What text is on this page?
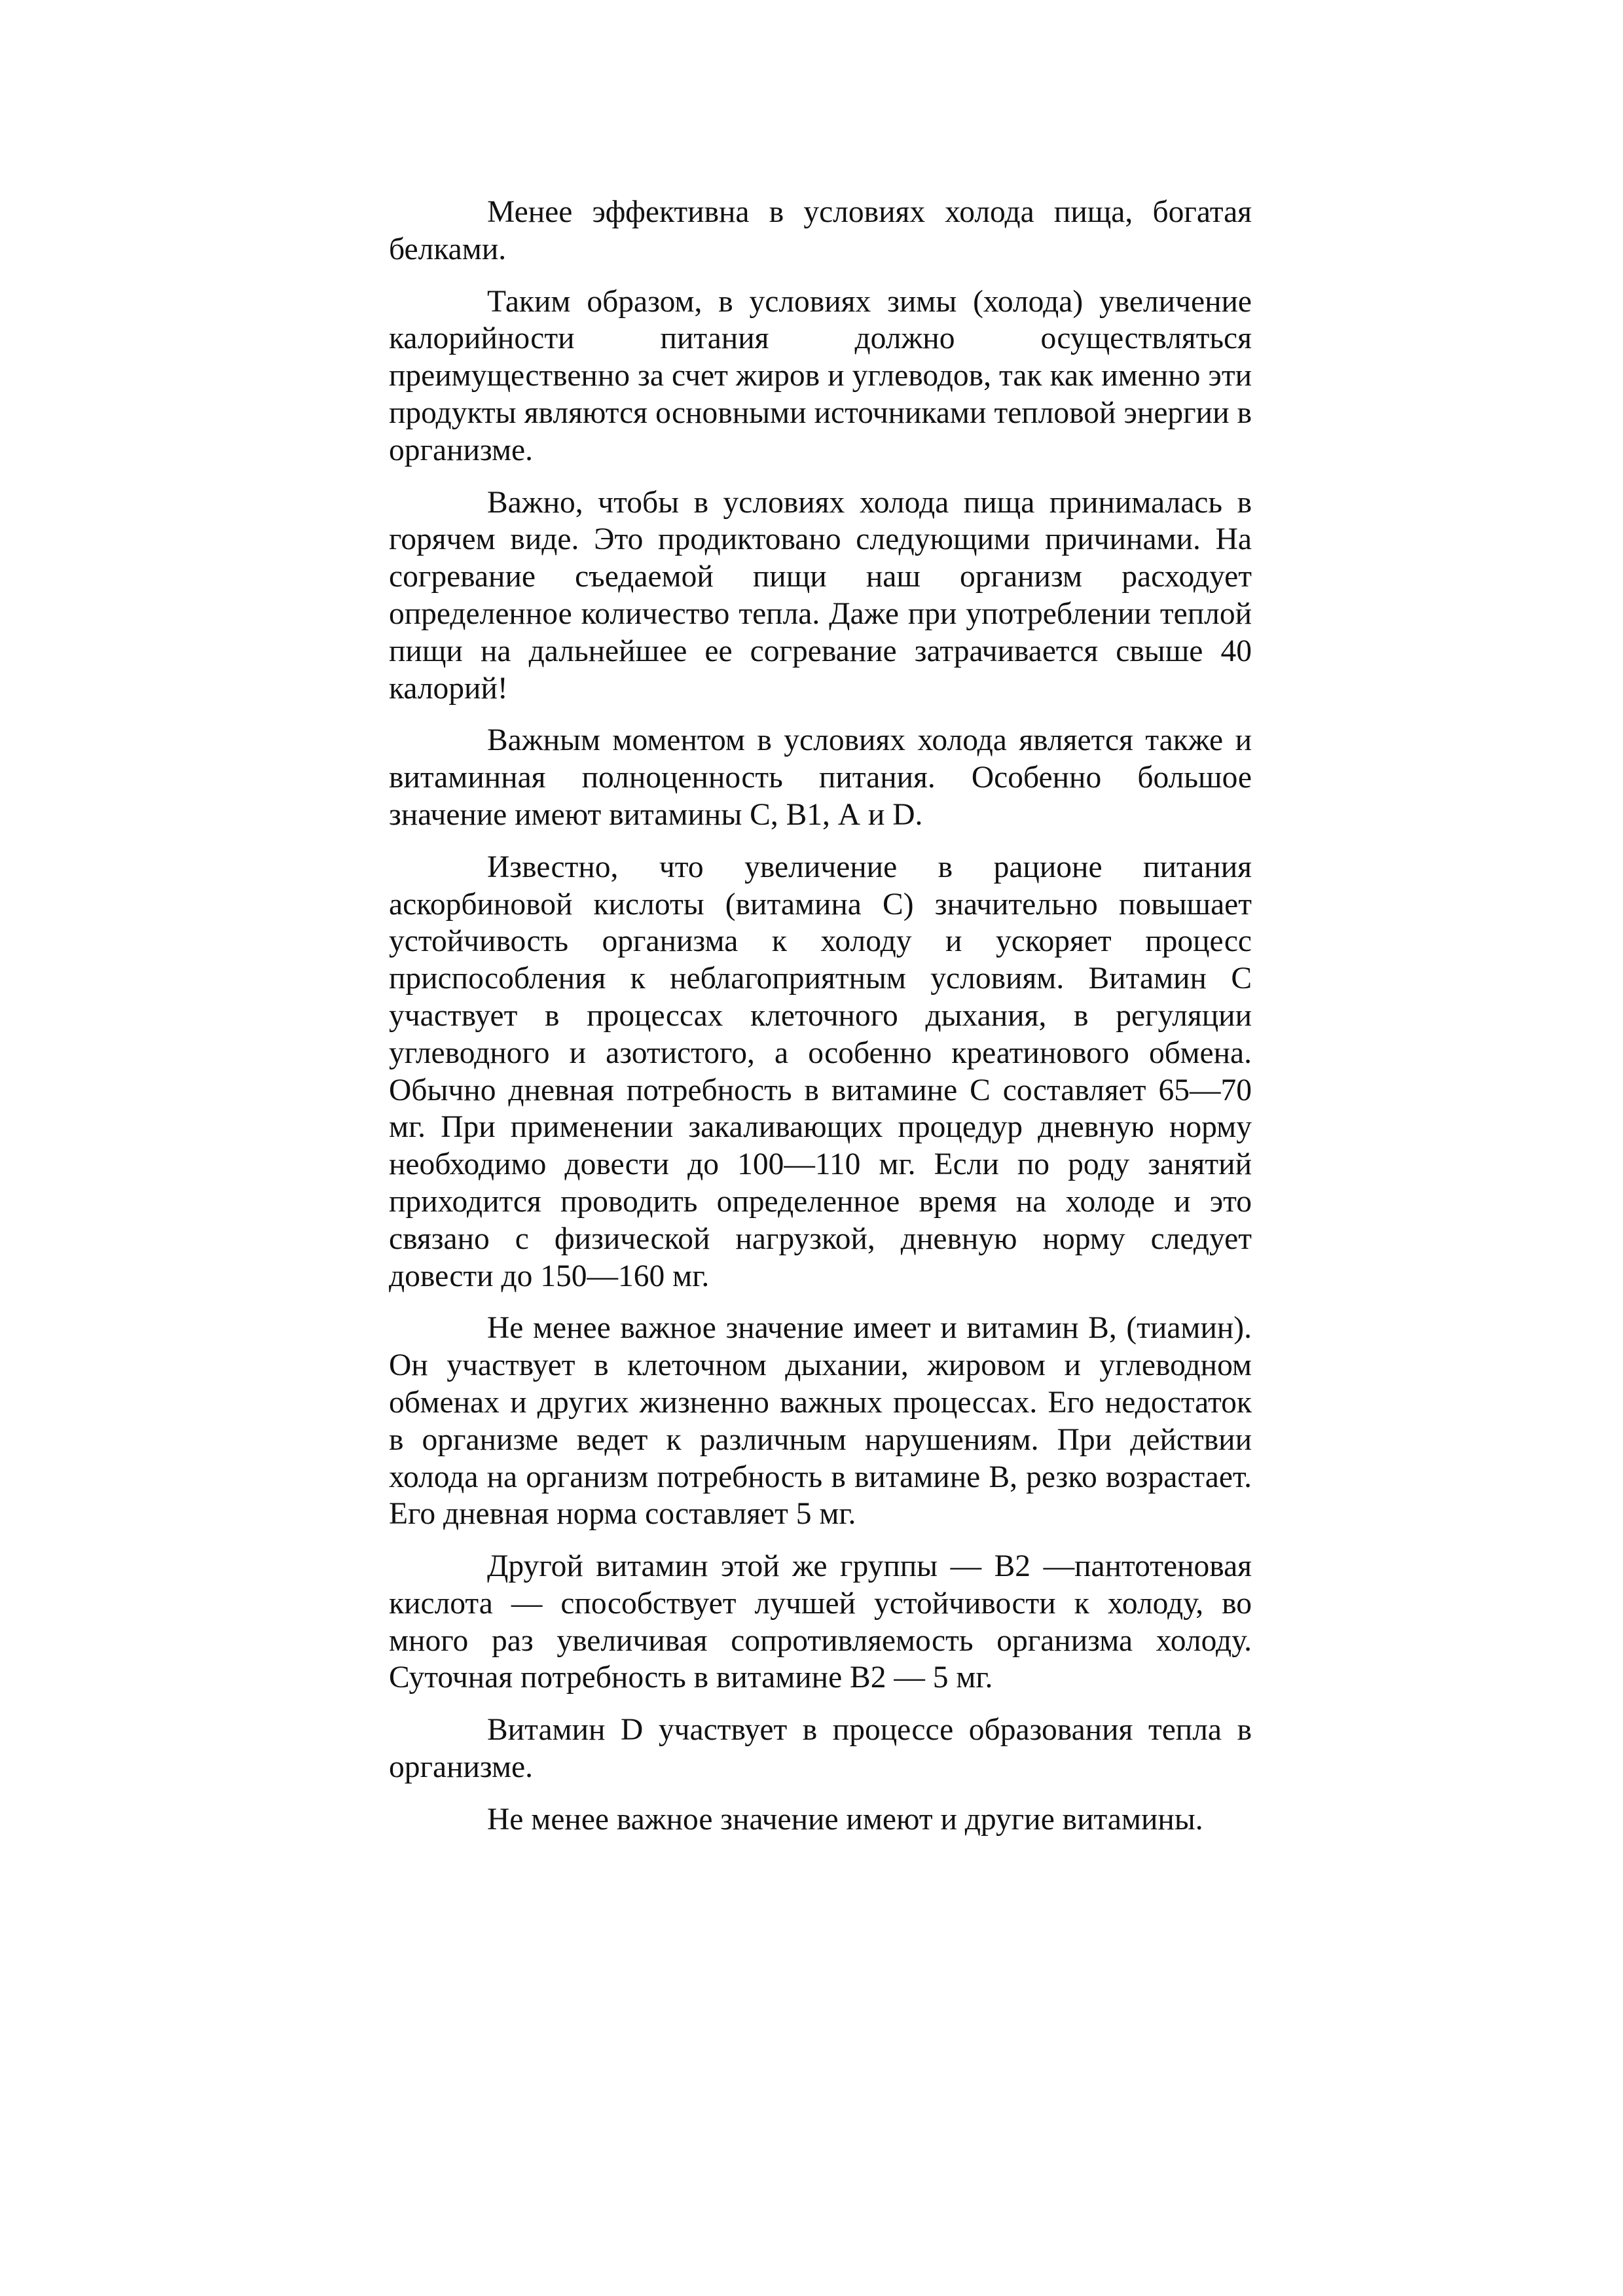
Менее эффективна в условиях холода пища, богатая белками.

Таким образом, в условиях зимы (холода) увеличение калорийности питания должно осуществляться преимущественно за счет жиров и углеводов, так как именно эти продукты являются основными источниками тепловой энергии в организме.

Важно, чтобы в условиях холода пища принималась в горячем виде. Это продиктовано следующими причинами. На согревание съедаемой пищи наш организм расходует определенное количество тепла. Даже при употреблении теплой пищи на дальнейшее ее согревание затрачивается свыше 40 калорий!

Важным моментом в условиях холода является также и витаминная полноценность питания. Особенно большое значение имеют витамины С, В1, А и D.

Известно, что увеличение в рационе питания аскорбиновой кислоты (витамина С) значительно повышает устойчивость организма к холоду и ускоряет процесс приспособления к неблагоприятным условиям. Витамин С участвует в процессах клеточного дыхания, в регуляции углеводного и азотистого, а особенно креатинового обмена. Обычно дневная потребность в витамине С составляет 65—70 мг. При применении закаливающих процедур дневную норму необходимо довести до 100—110 мг. Если по роду занятий приходится проводить определенное время на холоде и это связано с физической нагрузкой, дневную норму следует довести до 150—160 мг.

Не менее важное значение имеет и витамин В, (тиамин). Он участвует в клеточном дыхании, жировом и углеводном обменах и других жизненно важных процессах. Его недостаток в организме ведет к различным нарушениям. При действии холода на организм потребность в витамине В, резко возрастает. Его дневная норма составляет 5 мг.

Другой витамин этой же группы — В2 —пантотеновая кислота — способствует лучшей устойчивости к холоду, во много раз увеличивая сопротивляемость организма холоду. Суточная потребность в витамине В2 — 5 мг.

Витамин D участвует в процессе образования тепла в организме.

Не менее важное значение имеют и другие витамины.
